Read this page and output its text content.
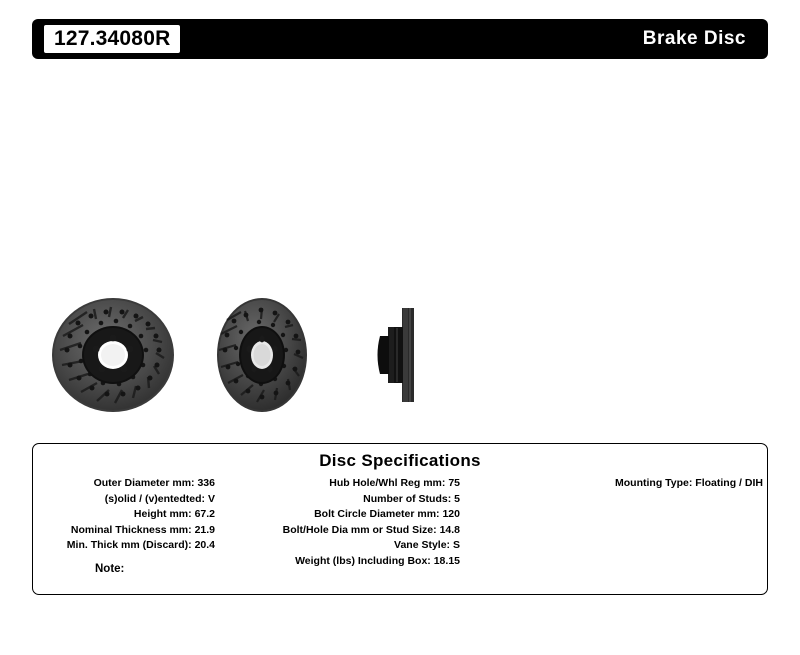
127.34080R	Brake Disc
Disc Specifications
Outer Diameter mm: 336
(s)olid / (v)entedted: V
Height mm: 67.2
Nominal Thickness mm: 21.9
Min. Thick mm (Discard): 20.4
Hub Hole/Whl Reg mm: 75
Number of Studs: 5
Bolt Circle Diameter mm: 120
Bolt/Hole Dia mm or Stud Size: 14.8
Vane Style: S
Weight (lbs) Including Box: 18.15
Mounting Type: Floating / DIH
Note:
